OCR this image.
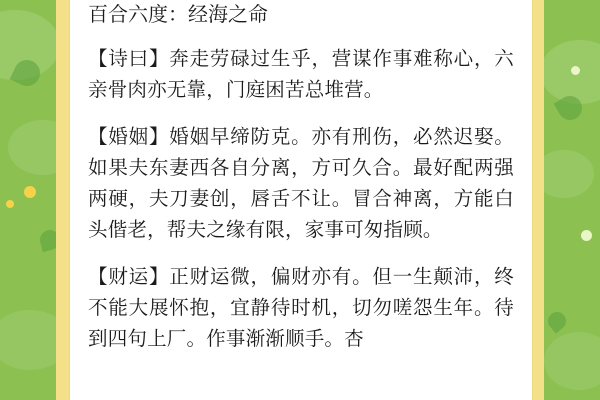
百合六度：经海之命

【诗曰】奔走劳碌过生乎，营谋作事难称心，六亲骨肉亦无靠，门庭困苦总堆营。

【婚姻】婚姻早缔防克。亦有刑伤，必然迟娶。如果夫东妻西各自分离，方可久合。最好配两强两硬，夫刀妻创，唇舌不让。冒合神离，方能白头偕老，帮夫之缘有限，家事可匆指顾。

【财运】正财运微，偏财亦有。但一生颠沛，终不能大展怀抱，宜静待时机，切勿嗟怨生年。待到四句上厂。作事渐渐顺手。杏
